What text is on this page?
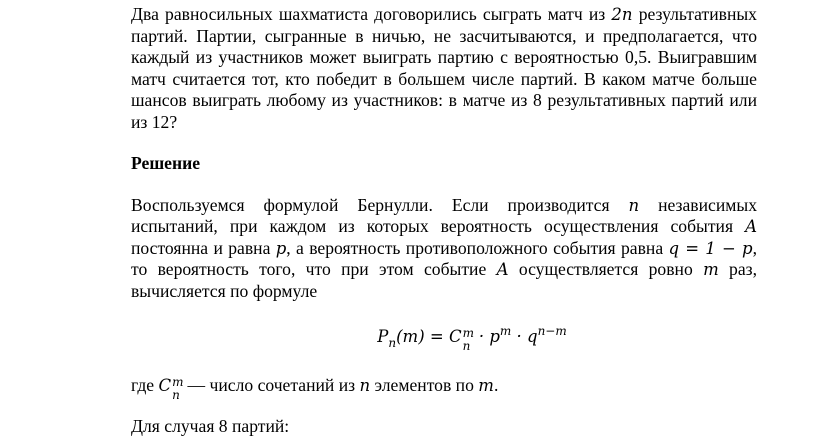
Два равносильных шахматиста договорились сыграть матч из 2n результативных партий. Партии, сыгранные в ничью, не засчитываются, и предполагается, что каждый из участников может выиграть партию с вероятностью 0,5. Выигравшим матч считается тот, кто победит в большем числе партий. В каком матче больше шансов выиграть любому из участников: в матче из 8 результативных партий или из 12?

Решение

Воспользуемся формулой Бернулли. Если производится n независимых испытаний, при каждом из которых вероятность осуществления события A постоянна и равна p, а вероятность противоположного события равна q = 1 − p, то вероятность того, что при этом событие A осуществляется ровно m раз, вычисляется по формуле

$P_n(m) = C$ m
$n \cdot p^m \cdot q^{n-m}$

где C m
n — число сочетаний из n элементов по m.

Для случая 8 партий:
